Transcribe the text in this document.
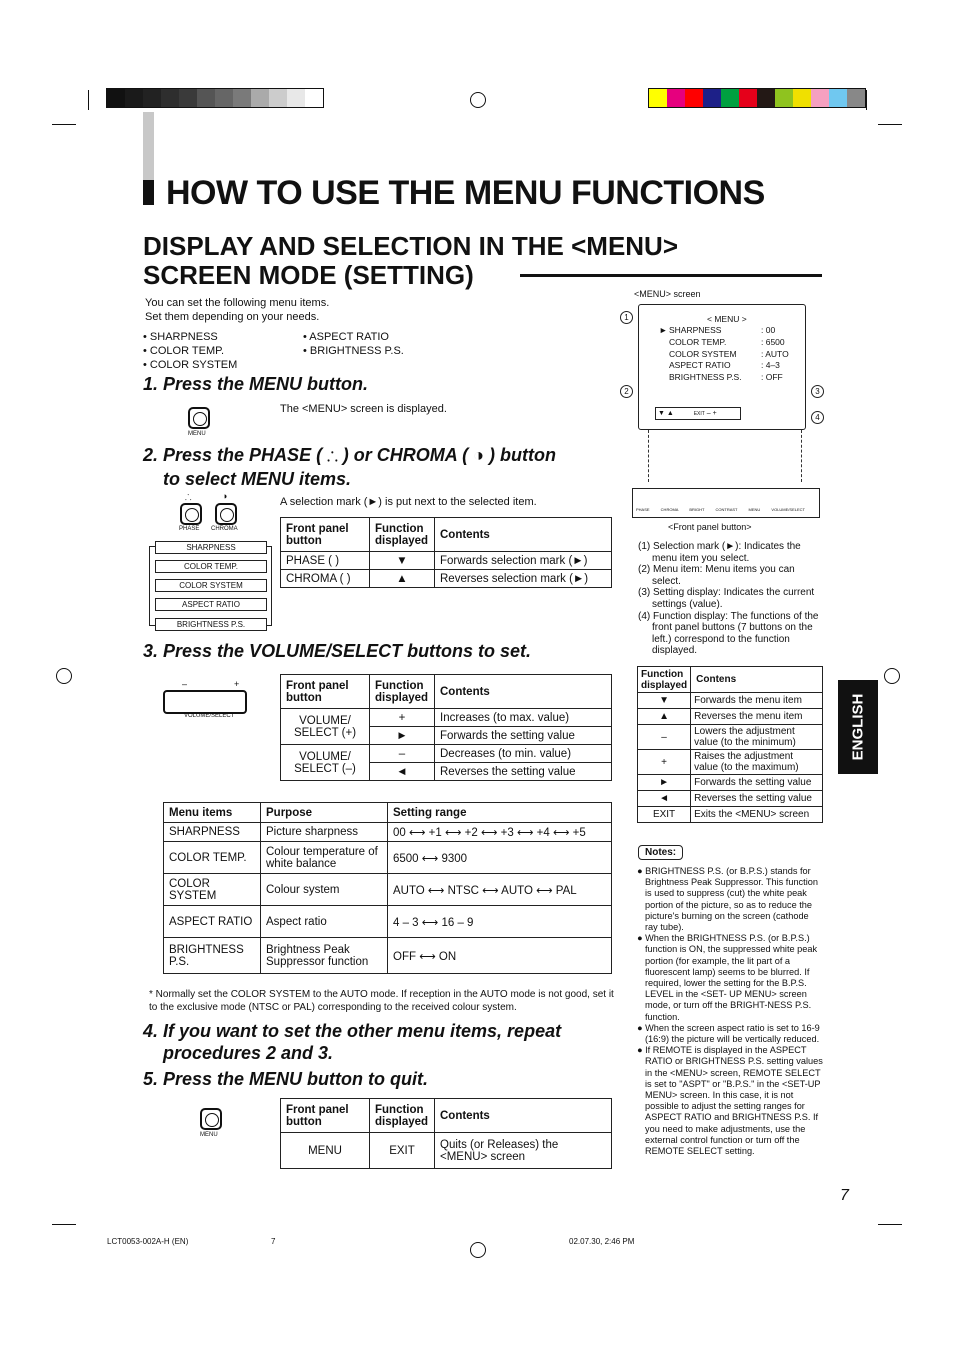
HOW TO USE THE MENU FUNCTIONS
DISPLAY AND SELECTION IN THE <MENU>
SCREEN MODE (SETTING)
You can set the following menu items.
Set them depending on your needs.
• SHARPNESS
• COLOR TEMP.
• COLOR SYSTEM
• ASPECT RATIO
• BRIGHTNESS P.S.
1. Press the MENU button.
MENU
The <MENU> screen is displayed.
2. Press the PHASE ( ⸫ ) or CHROMA ( ◑ ) button
to select MENU items.
⸫	◑
PHASE CHROMA
A selection mark (►) is put next to the selected item.
SHARPNESS
COLOR TEMP.
COLOR SYSTEM
ASPECT RATIO
BRIGHTNESS P.S.
Front panel button	Function displayed	Contents
PHASE ( )	▼	Forwards selection mark (►)
CHROMA ( )	▲	Reverses selection mark (►)
3. Press the VOLUME/SELECT buttons to set.
–	+
VOLUME/SELECT
Front panel button	Function displayed	Contents
VOLUME/ SELECT (+)	+	Increases (to max. value)
	►	Forwards the setting value
VOLUME/ SELECT (–)	–	Decreases (to min. value)
	◄	Reverses the setting value
Menu items	Purpose	Setting range
SHARPNESS	Picture sharpness	00 ⟷ +1 ⟷ +2 ⟷ +3 ⟷ +4 ⟷ +5
COLOR TEMP.	Colour temperature of white balance	6500 ⟷ 9300
COLOR SYSTEM	Colour system	AUTO ⟷ NTSC ⟷ AUTO ⟷ PAL
ASPECT RATIO	Aspect ratio	4 – 3 ⟷ 16 – 9
BRIGHTNESS P.S.	Brightness Peak Suppressor function	OFF ⟷ ON
* Normally set the COLOR SYSTEM to the AUTO mode. If reception in the AUTO mode is not good, set it to the exclusive mode (NTSC or PAL) corresponding to the received colour system.
4. If you want to set the other menu items, repeat
procedures 2 and 3.
5. Press the MENU button to quit.
MENU
Front panel button	Function displayed	Contents
MENU	EXIT	Quits (or Releases) the <MENU> screen
<MENU> screen
< MENU >
► SHARPNESS	: 00
COLOR TEMP.	: 6500
COLOR SYSTEM	: AUTO
ASPECT RATIO	: 4–3
BRIGHTNESS P.S. : OFF
▼ ▲	EXIT – +
1
2	3
4
PHASE CHROMA BRIGHT CONTRAST MENU VOLUME/SELECT
<Front panel button>
(1) Selection mark (►): Indicates the menu item you select.
(2) Menu item: Menu items you can select.
(3) Setting display: Indicates the current settings (value).
(4) Function display: The functions of the front panel buttons (7 buttons on the left.) correspond to the function displayed.
Function displayed	Contens
▼	Forwards the menu item
▲	Reverses the menu item
–	Lowers the adjustment value (to the minimum)
+	Raises the adjustment value (to the maximum)
►	Forwards the setting value
◄	Reverses the setting value
EXIT	Exits the <MENU> screen
Notes:
● BRIGHTNESS P.S. (or B.P.S.) stands for Brightness Peak Suppressor. This function is used to suppress (cut) the white peak portion of the picture, so as to reduce the picture's burning on the screen (cathode ray tube).
● When the BRIGHTNESS P.S. (or B.P.S.) function is ON, the suppressed white peak portion (for example, the lit part of a fluorescent lamp) seems to be blurred. If required, lower the setting for the B.P.S. LEVEL in the <SET- UP MENU> screen mode, or turn off the BRIGHT-NESS P.S. function.
● When the screen aspect ratio is set to 16-9 (16:9) the picture will be vertically reduced.
● If REMOTE is displayed in the ASPECT RATIO or BRIGHTNESS P.S. setting values in the <MENU> screen, REMOTE SELECT is set to "ASPT" or "B.P.S." in the <SET-UP MENU> screen. In this case, it is not possible to adjust the setting ranges for ASPECT RATIO and BRIGHTNESS P.S. If you need to make adjustments, use the external control function or turn off the REMOTE SELECT setting.
ENGLISH
7
LCT0053-002A-H (EN)	7	02.07.30, 2:46 PM
